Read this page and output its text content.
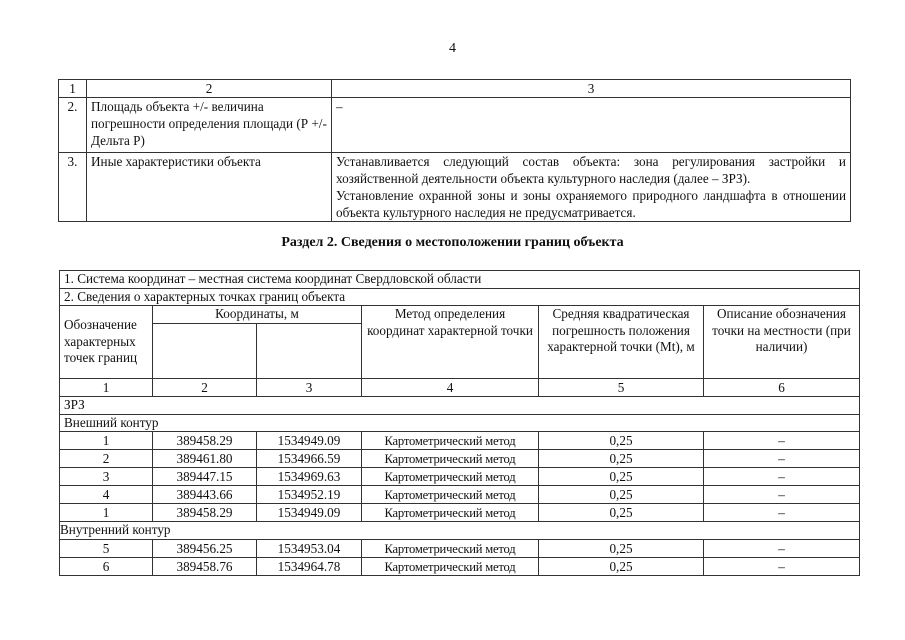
4
1	2	3
2.	Площадь объекта +/- величина погрешности определения площади (Р +/- Дельта Р)	–
3.	Иные характеристики объекта	Устанавливается следующий состав объекта: зона регулирования застройки и хозяйственной деятельности объекта культурного наследия (далее – ЗРЗ).
Установление охранной зоны и зоны охраняемого природного ландшафта в отношении объекта культурного наследия не предусматривается.
Раздел 2. Сведения о местоположении границ объекта
1. Система координат – местная система координат Свердловской области					
2. Сведения о характерных точках границ объекта					
Обозначение характерных точек границ	Координаты, м		Метод определения координат характерной точки	Средняя квадратическая погрешность положения характерной точки (Mt), м	Описание обозначения точки на местности (при наличии)

1	2	3	4	5	6
ЗРЗ					
Внешний контур					
1	389458.29	1534949.09	Картометрический метод	0,25	–
2	389461.80	1534966.59	Картометрический метод	0,25	–
3	389447.15	1534969.63	Картометрический метод	0,25	–
4	389443.66	1534952.19	Картометрический метод	0,25	–
1	389458.29	1534949.09	Картометрический метод	0,25	–
Внутренний контур					
5	389456.25	1534953.04	Картометрический метод	0,25	–
6	389458.76	1534964.78	Картометрический метод	0,25	–
